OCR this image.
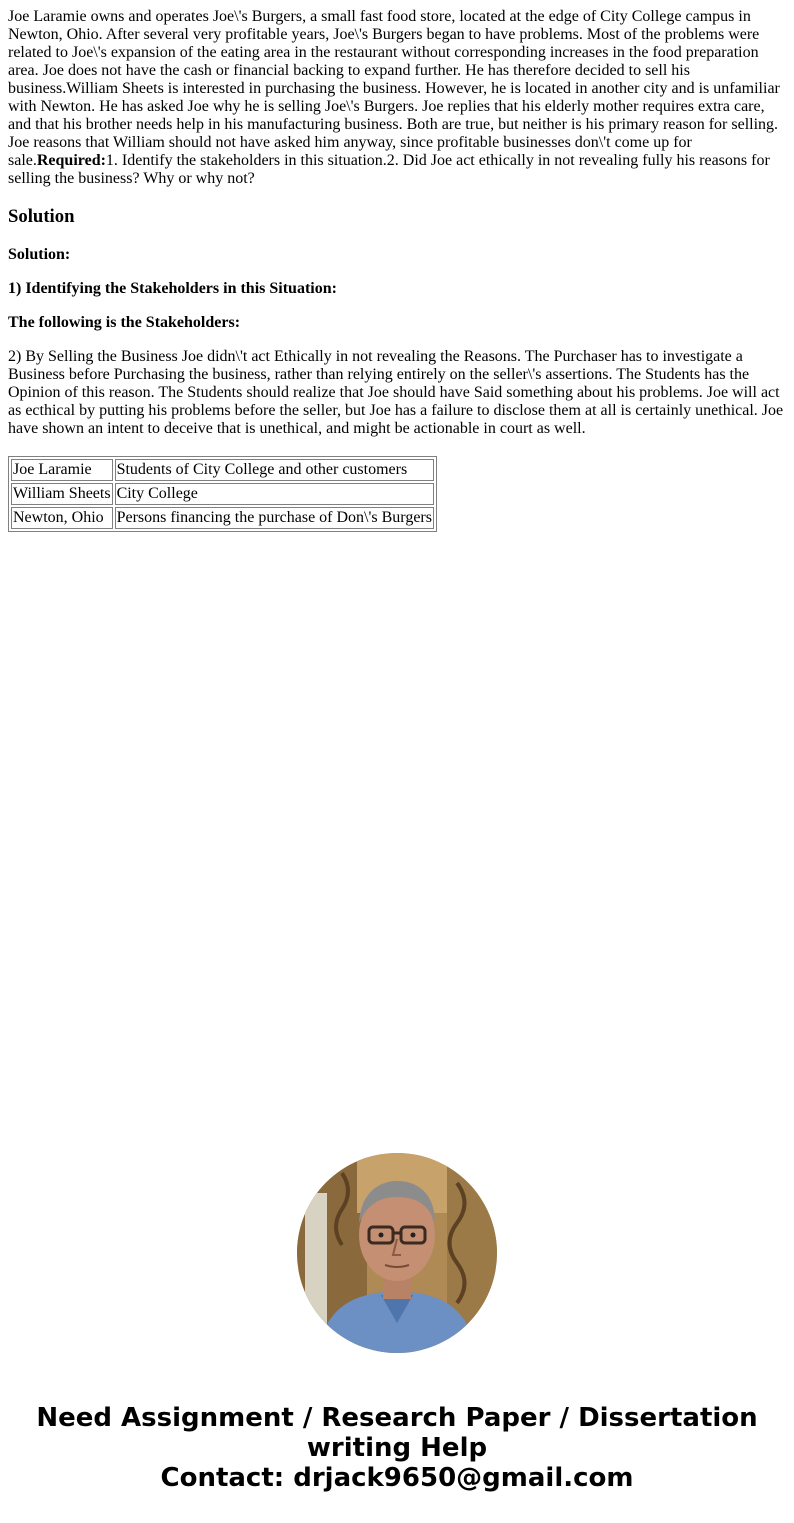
Joe Laramie owns and operates Joe\'s Burgers, a small fast food store, located at the edge of City College campus in Newton, Ohio. After several very profitable years, Joe\'s Burgers began to have problems. Most of the problems were related to Joe\'s expansion of the eating area in the restaurant without corresponding increases in the food preparation area. Joe does not have the cash or financial backing to expand further. He has therefore decided to sell his business.William Sheets is interested in purchasing the business. However, he is located in another city and is unfamiliar with Newton. He has asked Joe why he is selling Joe\'s Burgers. Joe replies that his elderly mother requires extra care, and that his brother needs help in his manufacturing business. Both are true, but neither is his primary reason for selling. Joe reasons that William should not have asked him anyway, since profitable businesses don\'t come up for sale.Required:1. Identify the stakeholders in this situation.2. Did Joe act ethically in not revealing fully his reasons for selling the business? Why or why not?
Solution

Solution:

1) Identifying the Stakeholders in this Situation:

The following is the Stakeholders:

2) By Selling the Business Joe didn\'t act Ethically in not revealing the Reasons. The Purchaser has to investigate a Business before Purchasing the business, rather than relying entirely on the seller\'s assertions. The Students has the Opinion of this reason. The Students should realize that Joe should have Said something about his problems. Joe will act as ecthical by putting his problems before the seller, but Joe has a failure to disclose them at all is certainly unethical. Joe have shown an intent to deceive that is unethical, and might be actionable in court as well.

Joe Laramie	Students of City College and other customers
William Sheets	City College
Newton, Ohio	Persons financing the purchase of Don\'s Burgers
Need Assignment / Research Paper / Dissertation
writing Help
Contact: drjack9650@gmail.com
